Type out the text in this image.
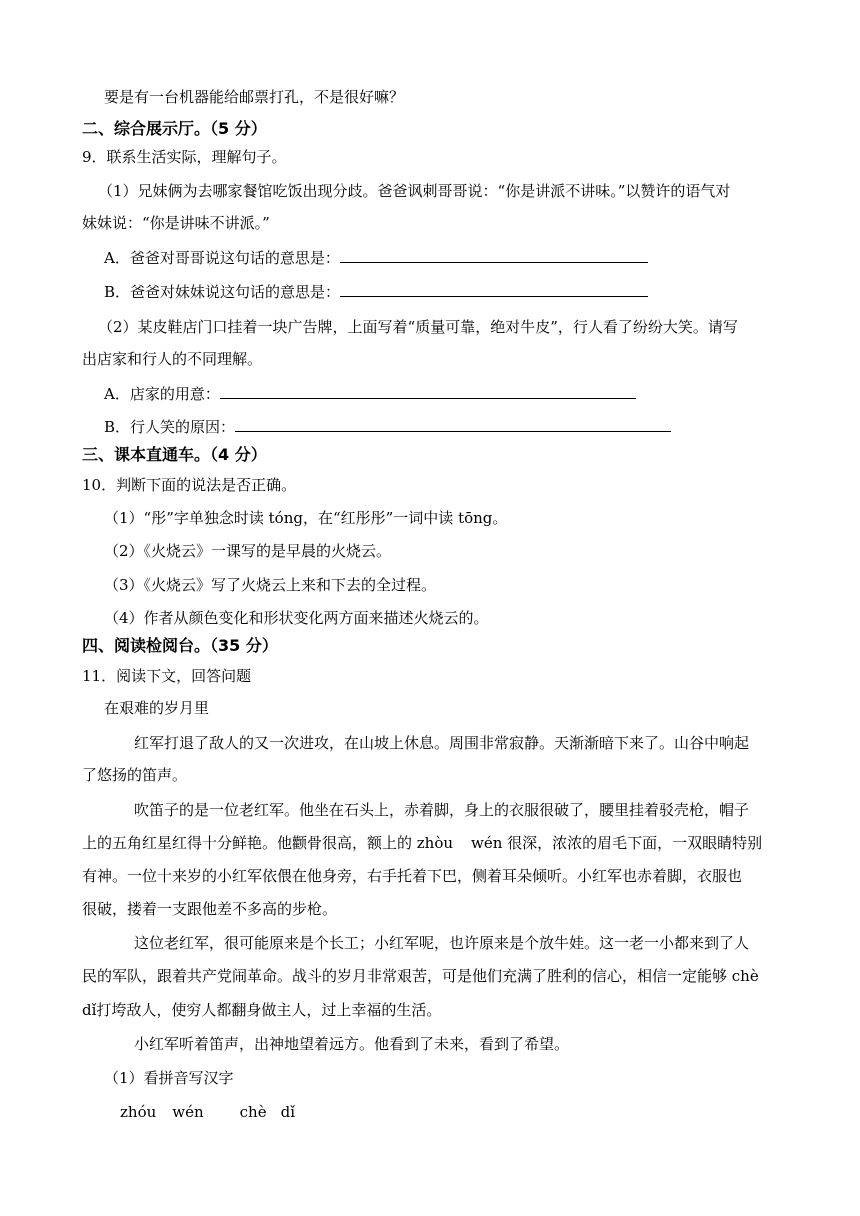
要是有一台机器能给邮票打孔，不是很好嘛？
二、综合展示厅。（5 分）
9．联系生活实际，理解句子。
（1）兄妹俩为去哪家餐馆吃饭出现分歧。爸爸讽刺哥哥说：“你是讲派不讲味。”以赞许的语气对
妹妹说：“你是讲味不讲派。”
A．爸爸对哥哥说这句话的意思是：
B．爸爸对妹妹说这句话的意思是：
（2）某皮鞋店门口挂着一块广告牌，上面写着“质量可靠，绝对牛皮”，行人看了纷纷大笑。请写
出店家和行人的不同理解。
A．店家的用意：
B．行人笑的原因：
三、课本直通车。（4 分）
10．判断下面的说法是否正确。
（1）“彤”字单独念时读 tóng，在“红彤彤”一词中读 tōng。
（2）《火烧云》一课写的是早晨的火烧云。
（3）《火烧云》写了火烧云上来和下去的全过程。
（4）作者从颜色变化和形状变化两方面来描述火烧云的。
四、阅读检阅台。（35 分）
11．阅读下文，回答问题
在艰难的岁月里
红军打退了敌人的又一次进攻，在山坡上休息。周围非常寂静。天渐渐暗下来了。山谷中响起
了悠扬的笛声。
吹笛子的是一位老红军。他坐在石头上，赤着脚，身上的衣服很破了，腰里挂着驳壳枪，帽子
上的五角红星红得十分鲜艳。他颧骨很高，额上的 zhòu wén 很深，浓浓的眉毛下面，一双眼睛特别
有神。一位十来岁的小红军依偎在他身旁，右手托着下巴，侧着耳朵倾听。小红军也赤着脚，衣服也
很破，搂着一支跟他差不多高的步枪。
这位老红军，很可能原来是个长工；小红军呢，也许原来是个放牛娃。这一老一小都来到了人
民的军队，跟着共产党闹革命。战斗的岁月非常艰苦，可是他们充满了胜利的信心，相信一定能够 chè
dǐ打垮敌人，使穷人都翻身做主人，过上幸福的生活。
小红军听着笛声，出神地望着远方。他看到了未来，看到了希望。
（1）看拼音写汉字
zhóu wén chè dǐ
